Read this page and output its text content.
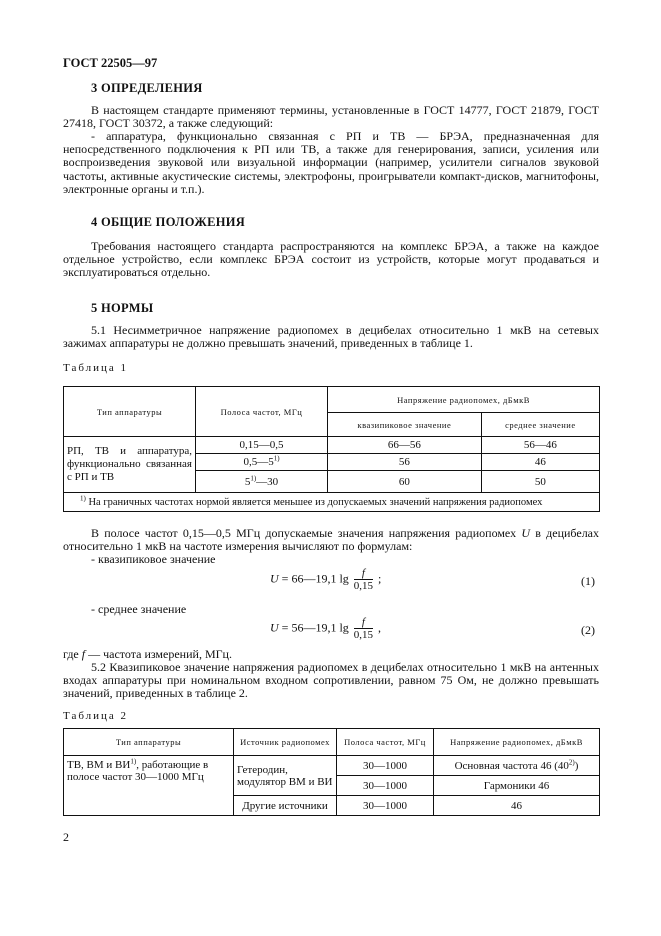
ГОСТ 22505—97
3 ОПРЕДЕЛЕНИЯ
В настоящем стандарте применяют термины, установленные в ГОСТ 14777, ГОСТ 21879, ГОСТ 27418, ГОСТ 30372, а также следующий:
- аппаратура, функционально связанная с РП и ТВ — БРЭА, предназначенная для непосредственного подключения к РП или ТВ, а также для генерирования, записи, усиления или воспроизведения звуковой или визуальной информации (например, усилители сигналов звуковой частоты, активные акустические системы, электрофоны, проигрыватели компакт-дисков, магнитофоны, электронные органы и т.п.).
4 ОБЩИЕ ПОЛОЖЕНИЯ
Требования настоящего стандарта распространяются на комплекс БРЭА, а также на каждое отдельное устройство, если комплекс БРЭА состоит из устройств, которые могут продаваться и эксплуатироваться отдельно.
5 НОРМЫ
5.1 Несимметричное напряжение радиопомех в децибелах относительно 1 мкВ на сетевых зажимах аппаратуры не должно превышать значений, приведенных в таблице 1.
Таблица 1
Тип аппаратуры	Полоса частот, МГц	Напряжение радиопомех, дБмкВ	
		квазипиковое значение	среднее значение
РП, ТВ и аппаратура, функционально связанная с РП и ТВ	0,15—0,5	66—56	56—46
	0,5—5$^{1)}$	56	46
	5$^{1)}$—30	60	50
$^{1)}$ На граничных частотах нормой является меньшее из допускаемых значений напряжения радиопомех			
В полосе частот 0,15—0,5 МГц допускаемые значения напряжения радиопомех U в децибелах относительно 1 мкВ на частоте измерения вычисляют по формулам:
- квазипиковое значение
U = 66—19,1 $\lg \frac{f}{0,15}$ ;	(1)
- среднее значение
U = 56—19,1 $\lg \frac{f}{0,15}$ ,	(2)
где f — частота измерений, МГц.
5.2 Квазипиковое значение напряжения радиопомех в децибелах относительно 1 мкВ на антенных входах аппаратуры при номинальном входном сопротивлении, равном 75 Ом, не должно превышать значений, приведенных в таблице 2.
Таблица 2
Тип аппаратуры	Источник радиопомех	Полоса частот, МГц	Напряжение радиопомех, дБмкВ
ТВ, ВМ и ВИ$^{1)}$, работающие в полосе частот 30—1000 МГц	Гетеродин, модулятор ВМ и ВИ	30—1000	Основная частота 46 (40$^{2)}$)
		30—1000	Гармоники 46
	Другие источники	30—1000	46
2
